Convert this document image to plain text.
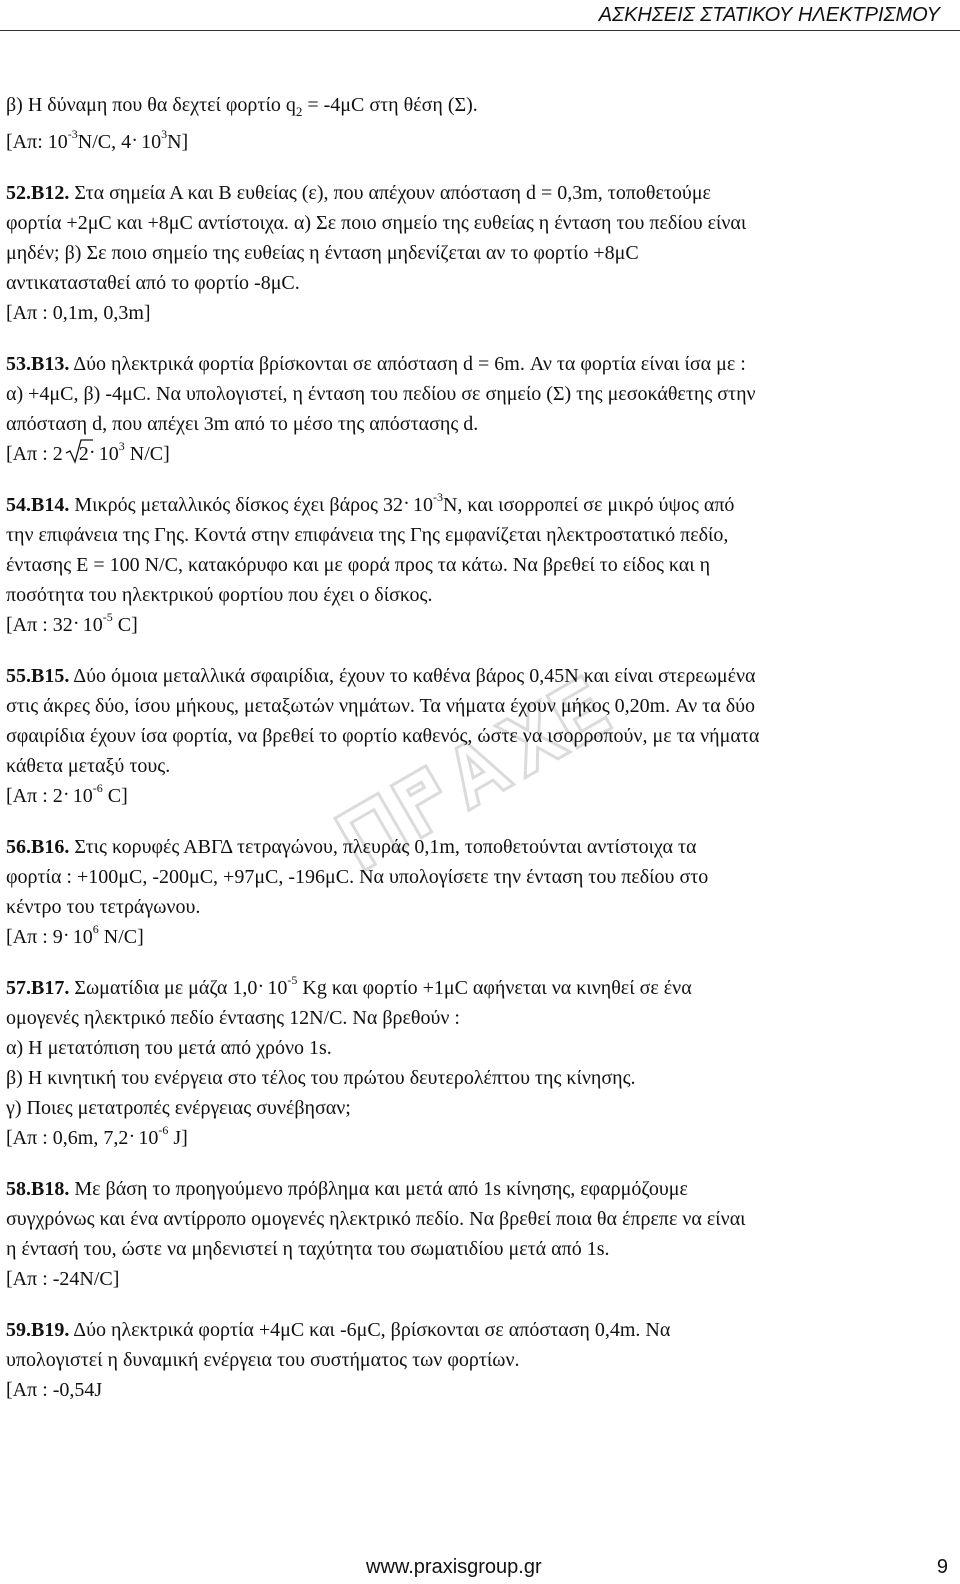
ΑΣΚΗΣΕΙΣ ΣΤΑΤΙΚΟΥ ΗΛΕΚΤΡΙΣΜΟΥ
β) Η δύναμη που θα δεχτεί φορτίο $q_2 = -4\mu C$ στη θέση (Σ).
[Απ: $10^{-3}N/C$, 4. $10^3N$]
52.Β12. Στα σημεία Α και Β ευθείας (ε), που απέχουν απόσταση d = 0,3m, τοποθετούμε
φορτία +2μC και +8μC αντίστοιχα. α) Σε ποιο σημείο της ευθείας η ένταση του πεδίου είναι
μηδέν; β) Σε ποιο σημείο της ευθείας η ένταση μηδενίζεται αν το φορτίο +8μC
αντικατασταθεί από το φορτίο -8μC.
[Απ : 0,1m, 0,3m]
53.Β13. Δύο ηλεκτρικά φορτία βρίσκονται σε απόσταση d = 6m. Αν τα φορτία είναι ίσα με :
α) +4μC, β) -4μC. Να υπολογιστεί, η ένταση του πεδίου σε σημείο (Σ) της μεσοκάθετης στην
απόσταση d, που απέχει 3m από το μέσο της απόστασης d.
[Απ : 2 2. $10^3$ N/C]
54.Β14. Μικρός μεταλλικός δίσκος έχει βάρος 32. $10^{-3}N$, και ισορροπεί σε μικρό ύψος από
την επιφάνεια της Γης. Κοντά στην επιφάνεια της Γης εμφανίζεται ηλεκτροστατικό πεδίο,
έντασης Ε = 100 N/C, κατακόρυφο και με φορά προς τα κάτω. Να βρεθεί το είδος και η
ποσότητα του ηλεκτρικού φορτίου που έχει ο δίσκος.
[Απ : 32. $10^{-5}$ C]
55.Β15. Δύο όμοια μεταλλικά σφαιρίδια, έχουν το καθένα βάρος 0,45N και είναι στερεωμένα
στις άκρες δύο, ίσου μήκους, μεταξωτών νημάτων. Τα νήματα έχουν μήκος 0,20m. Αν τα δύο
σφαιρίδια έχουν ίσα φορτία, να βρεθεί το φορτίο καθενός, ώστε να ισορροπούν, με τα νήματα
κάθετα μεταξύ τους.
[Απ : 2. $10^{-6}$ C]
56.Β16. Στις κορυφές ΑΒΓΔ τετραγώνου, πλευράς 0,1m, τοποθετούνται αντίστοιχα τα
φορτία : +100μC, -200μC, +97μC, -196μC. Να υπολογίσετε την ένταση του πεδίου στο
κέντρο του τετράγωνου.
[Απ : 9. $10^6$ N/C]
57.Β17. Σωματίδια με μάζα 1,0. $10^{-5}$ Kg και φορτίο +1μC αφήνεται να κινηθεί σε ένα
ομογενές ηλεκτρικό πεδίο έντασης 12N/C. Να βρεθούν :
α) Η μετατόπιση του μετά από χρόνο 1s.
β) Η κινητική του ενέργεια στο τέλος του πρώτου δευτερολέπτου της κίνησης.
γ) Ποιες μετατροπές ενέργειας συνέβησαν;
[Απ : 0,6m, 7,2. $10^{-6}$ J]
58.Β18. Με βάση το προηγούμενο πρόβλημα και μετά από 1s κίνησης, εφαρμόζουμε
συγχρόνως και ένα αντίρροπο ομογενές ηλεκτρικό πεδίο. Να βρεθεί ποια θα έπρεπε να είναι
η έντασή του, ώστε να μηδενιστεί η ταχύτητα του σωματιδίου μετά από 1s.
[Απ : -24N/C]
59.Β19. Δύο ηλεκτρικά φορτία +4μC και -6μC, βρίσκονται σε απόσταση 0,4m. Να
υπολογιστεί η δυναμική ενέργεια του συστήματος των φορτίων.
[Απ : -0,54J
www.praxisgroup.gr	9
